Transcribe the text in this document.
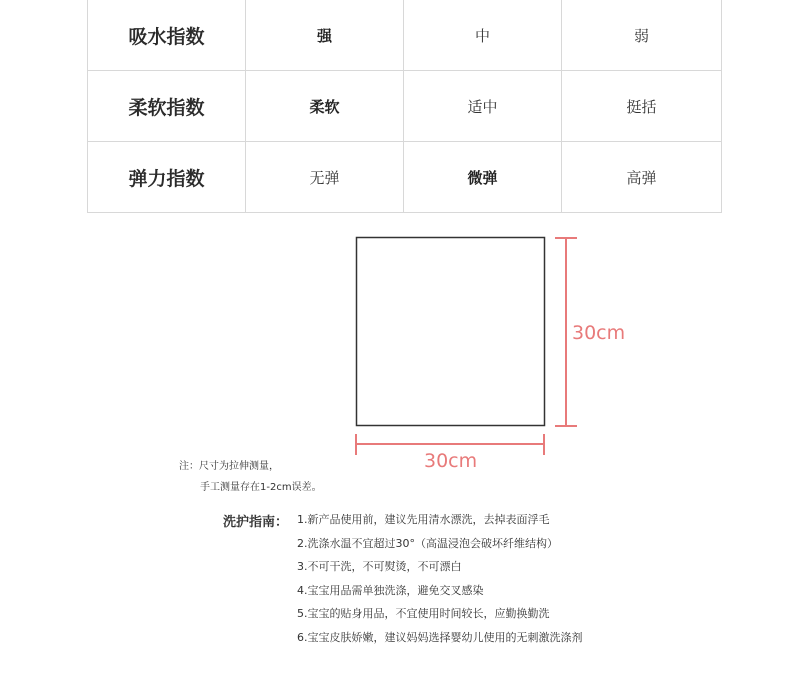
吸水指数	强	中	弱
柔软指数	柔软	适中	挺括
弹力指数	无弹	微弹	高弹
30cm
30cm
注：尺寸为拉伸测量，
手工测量存在1-2cm误差。
洗护指南： 1.新产品使用前，建议先用清水漂洗，去掉表面浮毛
2.洗涤水温不宜超过30°（高温浸泡会破坏纤维结构）
3.不可干洗，不可熨烫，不可漂白
4.宝宝用品需单独洗涤，避免交叉感染
5.宝宝的贴身用品，不宜使用时间较长，应勤换勤洗
6.宝宝皮肤娇嫩，建议妈妈选择婴幼儿使用的无刺激洗涤剂
